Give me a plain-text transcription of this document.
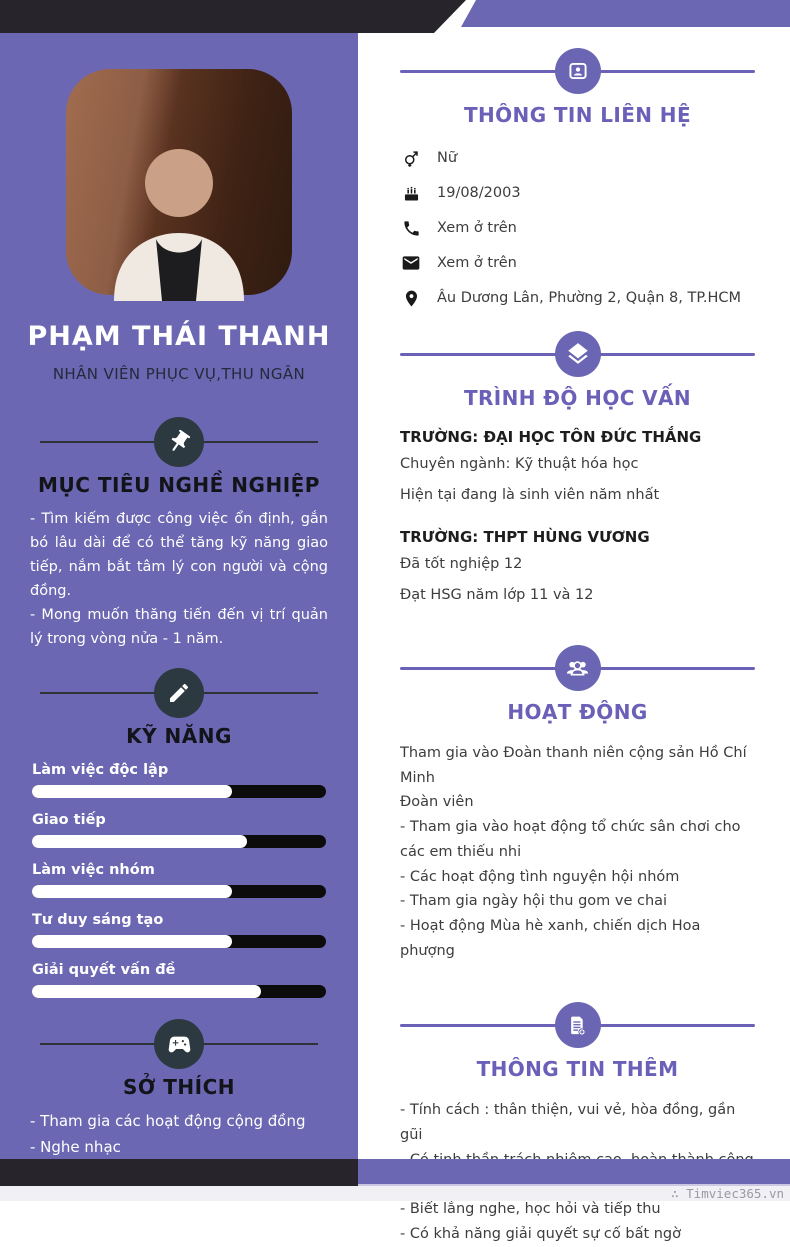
PHẠM THÁI THANH
NHÂN VIÊN PHỤC VỤ,THU NGÂN
MỤC TIÊU NGHỀ NGHIỆP

- Tìm kiếm được công việc ổn định, gắn bó lâu dài để có thể tăng kỹ năng giao tiếp, nắm bắt tâm lý con người và cộng đồng.

- Mong muốn thăng tiến đến vị trí quản lý trong vòng nửa - 1 năm.

KỸ NĂNG
Làm việc độc lập
Giao tiếp
Làm việc nhóm
Tư duy sáng tạo
Giải quyết vấn đề
SỞ THÍCH
- Tham gia các hoạt động cộng đồng
- Nghe nhạc
THÔNG TIN LIÊN HỆ
Nữ
19/08/2003
Xem ở trên
Xem ở trên
Âu Dương Lân, Phường 2, Quận 8, TP.HCM
TRÌNH ĐỘ HỌC VẤN
TRƯỜNG: ĐẠI HỌC TÔN ĐỨC THẮNG

Chuyên ngành: Kỹ thuật hóa học

Hiện tại đang là sinh viên năm nhất

TRƯỜNG: THPT HÙNG VƯƠNG

Đã tốt nghiệp 12

Đạt HSG năm lớp 11 và 12

HOẠT ĐỘNG

Tham gia vào Đoàn thanh niên cộng sản Hồ Chí Minh

Đoàn viên

- Tham gia vào hoạt động tổ chức sân chơi cho các em thiếu nhi

- Các hoạt động tình nguyện hội nhóm

- Tham gia ngày hội thu gom ve chai

- Hoạt động Mùa hè xanh, chiến dịch Hoa phượng

THÔNG TIN THÊM

- Tính cách : thân thiện, vui vẻ, hòa đồng, gần gũi

- Biết lắng nghe, học hỏi và tiếp thu

- Có khả năng giải quyết sự cố bất ngờ

∴ Timviec365.vn
